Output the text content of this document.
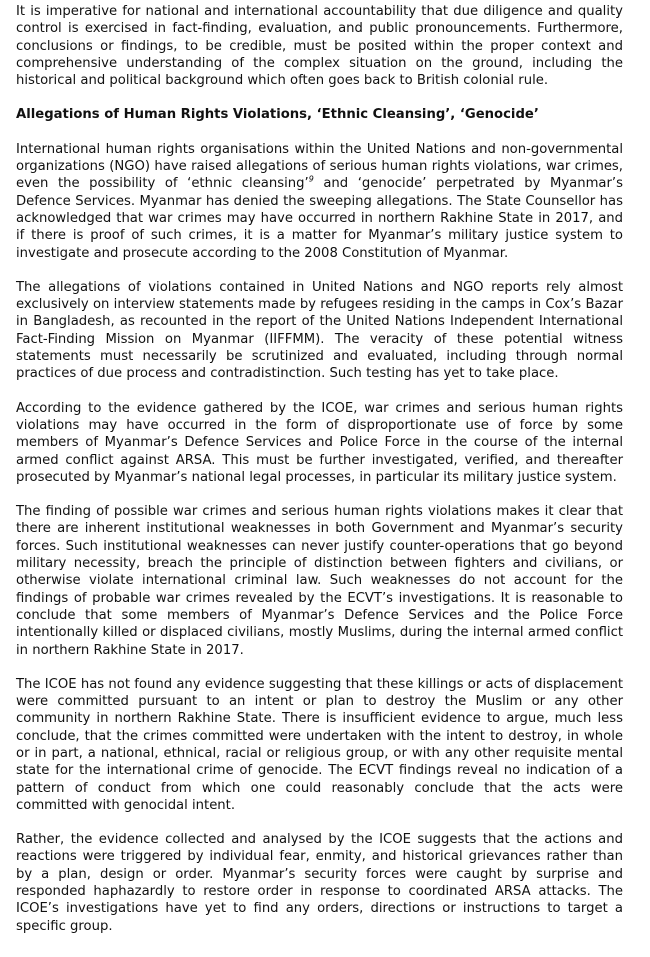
It is imperative for national and international accountability that due diligence and quality control is exercised in fact-finding, evaluation, and public pronouncements. Furthermore, conclusions or findings, to be credible, must be posited within the proper context and comprehensive understanding of the complex situation on the ground, including the historical and political background which often goes back to British colonial rule.

Allegations of Human Rights Violations, ‘Ethnic Cleansing’, ‘Genocide’

International human rights organisations within the United Nations and non-governmental organizations (NGO) have raised allegations of serious human rights violations, war crimes, even the possibility of ‘ethnic cleansing’$^9$ and ‘genocide’ perpetrated by Myanmar’s Defence Services. Myanmar has denied the sweeping allegations. The State Counsellor has acknowledged that war crimes may have occurred in northern Rakhine State in 2017, and if there is proof of such crimes, it is a matter for Myanmar’s military justice system to investigate and prosecute according to the 2008 Constitution of Myanmar.

The allegations of violations contained in United Nations and NGO reports rely almost exclusively on interview statements made by refugees residing in the camps in Cox’s Bazar in Bangladesh, as recounted in the report of the United Nations Independent International Fact-Finding Mission on Myanmar (IIFFMM). The veracity of these potential witness statements must necessarily be scrutinized and evaluated, including through normal practices of due process and contradistinction. Such testing has yet to take place.

According to the evidence gathered by the ICOE, war crimes and serious human rights violations may have occurred in the form of disproportionate use of force by some members of Myanmar’s Defence Services and Police Force in the course of the internal armed conflict against ARSA. This must be further investigated, verified, and thereafter prosecuted by Myanmar’s national legal processes, in particular its military justice system.

The finding of possible war crimes and serious human rights violations makes it clear that there are inherent institutional weaknesses in both Government and Myanmar’s security forces. Such institutional weaknesses can never justify counter-operations that go beyond military necessity, breach the principle of distinction between fighters and civilians, or otherwise violate international criminal law. Such weaknesses do not account for the findings of probable war crimes revealed by the ECVT’s investigations. It is reasonable to conclude that some members of Myanmar’s Defence Services and the Police Force intentionally killed or displaced civilians, mostly Muslims, during the internal armed conflict in northern Rakhine State in 2017.

The ICOE has not found any evidence suggesting that these killings or acts of displacement were committed pursuant to an intent or plan to destroy the Muslim or any other community in northern Rakhine State. There is insufficient evidence to argue, much less conclude, that the crimes committed were undertaken with the intent to destroy, in whole or in part, a national, ethnical, racial or religious group, or with any other requisite mental state for the international crime of genocide. The ECVT findings reveal no indication of a pattern of conduct from which one could reasonably conclude that the acts were committed with genocidal intent.

Rather, the evidence collected and analysed by the ICOE suggests that the actions and reactions were triggered by individual fear, enmity, and historical grievances rather than by a plan, design or order. Myanmar’s security forces were caught by surprise and responded haphazardly to restore order in response to coordinated ARSA attacks. The ICOE’s investigations have yet to find any orders, directions or instructions to target a specific group.
